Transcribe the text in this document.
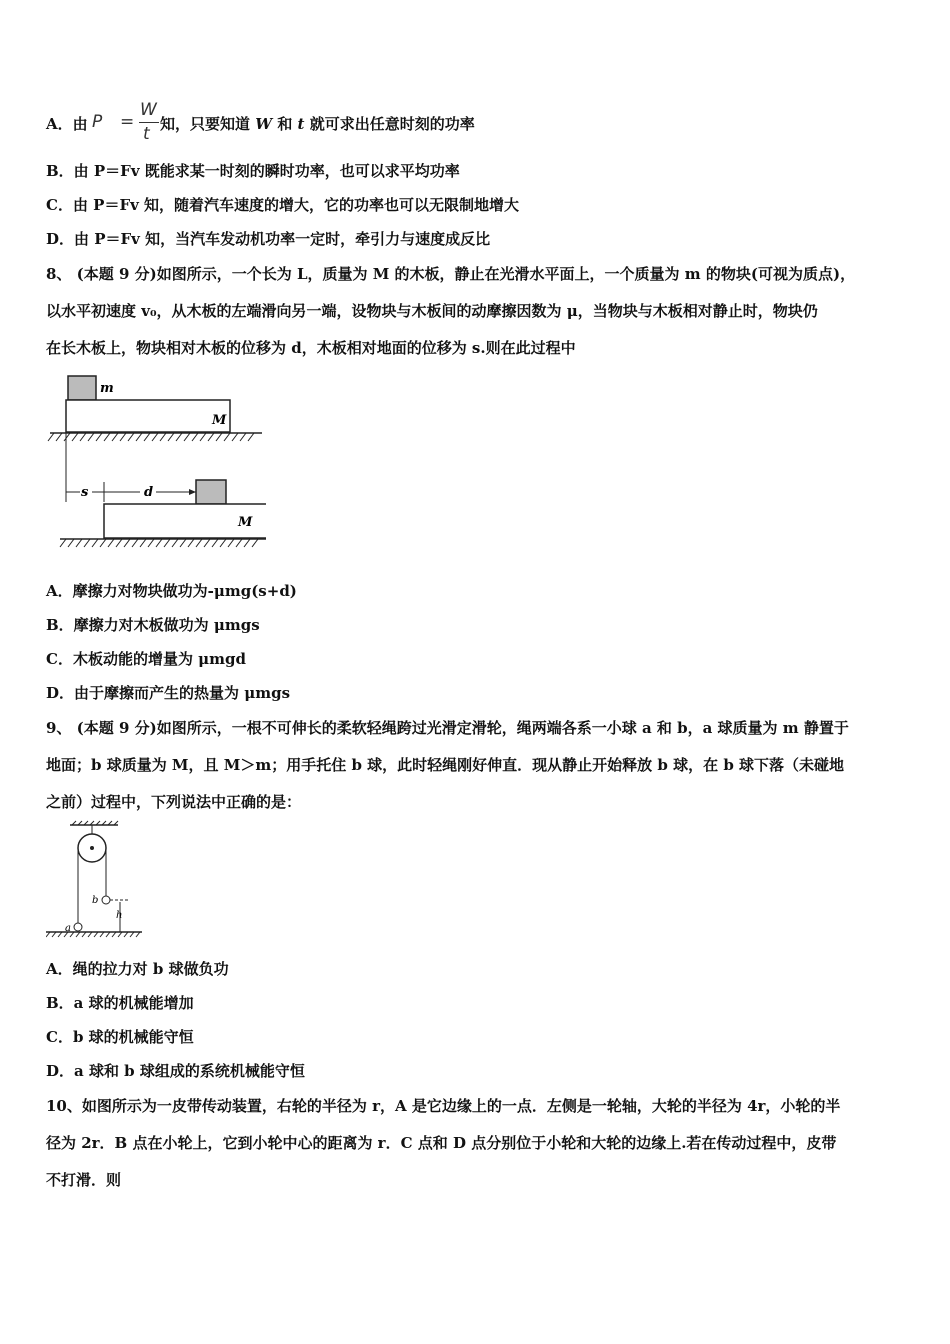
A．由 P =
W
t 知，只要知道 W 和 t 就可求出任意时刻的功率
B．由 P＝Fv 既能求某一时刻的瞬时功率，也可以求平均功率
C．由 P＝Fv 知，随着汽车速度的增大，它的功率也可以无限制地增大
D．由 P＝Fv 知，当汽车发动机功率一定时，牵引力与速度成反比
8、 (本题 9 分)如图所示，一个长为 L，质量为 M 的木板，静止在光滑水平面上，一个质量为 m 的物块(可视为质点)，
以水平初速度 v₀，从木板的左端滑向另一端，设物块与木板间的动摩擦因数为 μ，当物块与木板相对静止时，物块仍
在长木板上，物块相对木板的位移为 d，木板相对地面的位移为 s.则在此过程中
m
M
s	d
M
A．摩擦力对物块做功为-μmg(s+d)
B．摩擦力对木板做功为 μmgs
C．木板动能的增量为 μmgd
D．由于摩擦而产生的热量为 μmgs
9、 (本题 9 分)如图所示，一根不可伸长的柔软轻绳跨过光滑定滑轮，绳两端各系一小球 a 和 b，a 球质量为 m 静置于
地面；b 球质量为 M，且 M＞m；用手托住 b 球，此时轻绳刚好伸直．现从静止开始释放 b 球，在 b 球下落（未碰地
之前）过程中，下列说法中正确的是：
b
h
a
A．绳的拉力对 b 球做负功
B．a 球的机械能增加
C．b 球的机械能守恒
D．a 球和 b 球组成的系统机械能守恒
10、如图所示为一皮带传动装置，右轮的半径为 r，A 是它边缘上的一点．左侧是一轮轴，大轮的半径为 4r，小轮的半
径为 2r．B 点在小轮上，它到小轮中心的距离为 r．C 点和 D 点分别位于小轮和大轮的边缘上.若在传动过程中，皮带
不打滑．则
